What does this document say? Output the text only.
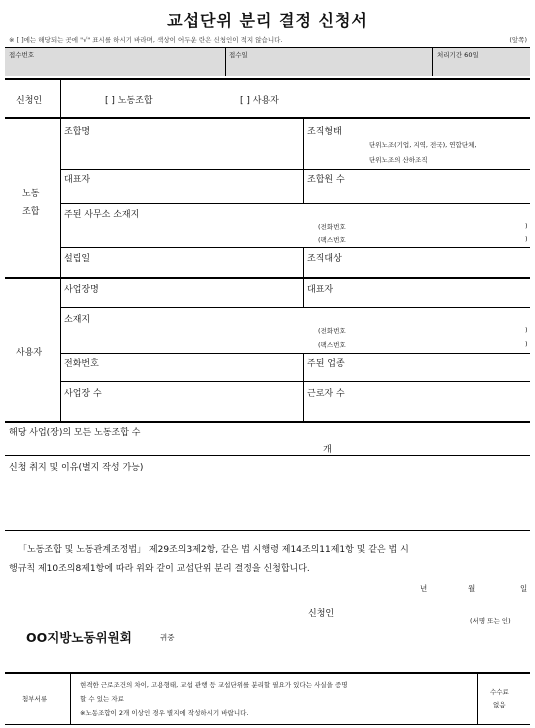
교섭단위 분리 결정 신청서
※ [ ]에는 해당되는 곳에 "√" 표시를 하시기 바라며, 색상이 어두운 란은 신청인이 적지 않습니다.	(앞쪽)
접수번호	접수일	처리기간 60일
신청인	[ ] 노동조합	[ ] 사용자
노동
조합
조합명	조직형태
단위노조(기업, 지역, 전국), 연합단체,
단위노조의 산하조직
대표자	조합원 수
주된 사무소 소재지
(전화번호	)
(팩스번호	)
설립일	조직대상
사용자
사업장명	대표자
소재지
(전화번호	)
(팩스번호	)
전화번호	주된 업종
사업장 수	근로자 수
해당 사업(장)의 모든 노동조합 수
개
신청 취지 및 이유(별지 작성 가능)
「노동조합 및 노동관계조정법」 제29조의3제2항, 같은 법 시행령 제14조의11제1항 및 같은 법 시
행규칙 제10조의8제1항에 따라 위와 같이 교섭단위 분리 결정을 신청합니다.
년	월	일
신청인
(서명 또는 인)
OO지방노동위원회	귀중
첨부서류
현격한 근로조건의 차이, 고용형태, 교섭 관행 등 교섭단위를 분리할 필요가 있다는 사실을 증명
할 수 있는 자료
※노동조합이 2개 이상인 경우 별지에 작성하시기 바랍니다.
수수료
없음
